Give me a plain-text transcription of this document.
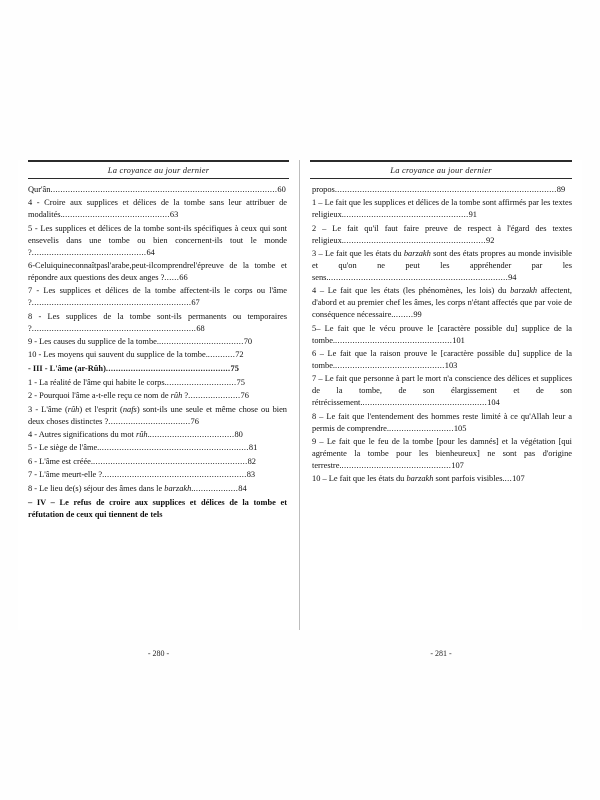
La croyance au jour dernier
Qur'ân...........................................................................................60
4 - Croire aux supplices et délices de la tombe sans leur attribuer de modalités............................................63
5 - Les supplices et délices de la tombe sont-ils spécifiques à ceux qui sont ensevelis dans une tombe ou bien concernent-ils tout le monde ?..............................................64
6-Celuiquineconnaîtpasl'arabe,peut-ilcomprendrel'épreuve de la tombe et répondre aux questions des deux anges ?......66
7 - Les supplices et délices de la tombe affectent-ils le corps ou l'âme ?................................................................67
8 - Les supplices de la tombe sont-ils permanents ou temporaires ?..................................................................68
9 - Les causes du supplice de la tombe...................................70
10 - Les moyens qui sauvent du supplice de la tombe............72
- III - L'âme (ar-Rûh)..................................................75
1 - La réalité de l'âme qui habite le corps.............................75
2 - Pourquoi l'âme a-t-elle reçu ce nom de rûh ?.....................76
3 - L'âme (rûh) et l'esprit (nafs) sont-ils une seule et même chose ou bien deux choses distinctes ?.................................76
4 - Autres significations du mot rûh...................................80
5 - Le siège de l'âme.............................................................81
6 - L'âme est créée...............................................................82
7 - L'âme meurt-elle ?..........................................................83
8 - Le lieu de(s) séjour des âmes dans le barzakh...................84
– IV – Le refus de croire aux supplices et délices de la tombe et réfutation de ceux qui tiennent de tels
- 280 -
La croyance au jour dernier
propos.........................................................................................89
1 – Le fait que les supplices et délices de la tombe sont affirmés par les textes religieux...................................................91
2 – Le fait qu'il faut faire preuve de respect à l'égard des textes religieux..........................................................92
3 – Le fait que les états du barzakh sont des états propres au monde invisible et qu'on ne peut les appréhender par les sens.........................................................................94
4 – Le fait que les états (les phénomènes, les lois) du barzakh affectent, d'abord et au premier chef les âmes, les corps n'étant affectés que par voie de conséquence nécessaire.........99
5– Le fait que le vécu prouve le [caractère possible du] supplice de la tombe................................................101
6 – Le fait que la raison prouve le [caractère possible du] supplice de la tombe.............................................103
7 – Le fait que personne à part le mort n'a conscience des délices et supplices de la tombe, de son élargissement et de son rétrécissement...................................................104
8 – Le fait que l'entendement des hommes reste limité à ce qu'Allah leur a permis de comprendre...........................105
9 – Le fait que le feu de la tombe [pour les damnés] et la végétation [qui agrémente la tombe pour les bienheureux] ne sont pas d'origine terrestre.............................................107
10 – Le fait que les états du barzakh sont parfois visibles....107
- 281 -
